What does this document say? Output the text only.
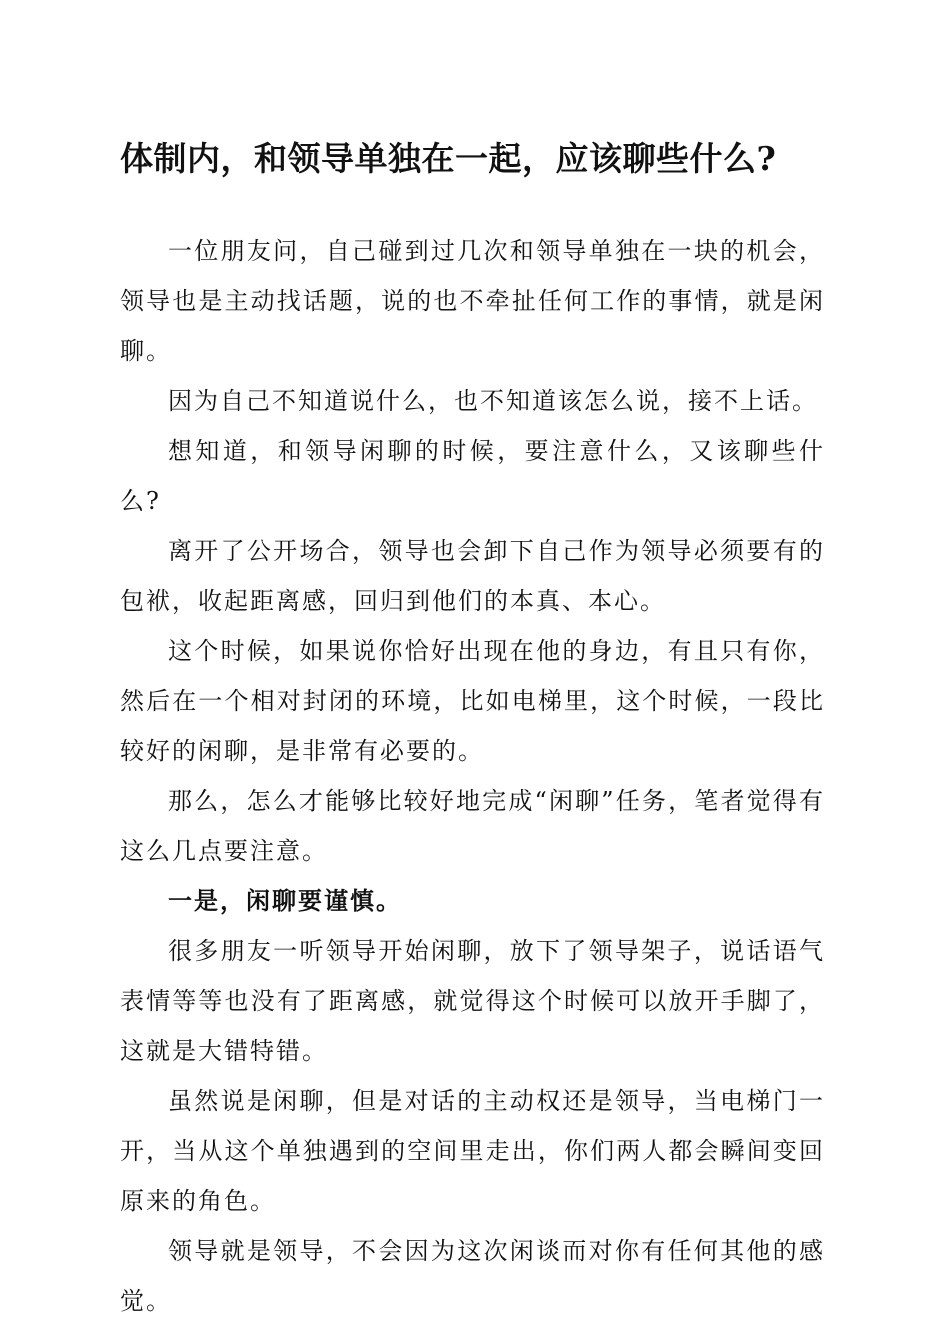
体制内，和领导单独在一起，应该聊些什么?

一位朋友问，自己碰到过几次和领导单独在一块的机会，领导也是主动找话题，说的也不牵扯任何工作的事情，就是闲聊。

因为自己不知道说什么，也不知道该怎么说，接不上话。

想知道，和领导闲聊的时候，要注意什么，又该聊些什么?

离开了公开场合，领导也会卸下自己作为领导必须要有的包袱，收起距离感，回归到他们的本真、本心。

这个时候，如果说你恰好出现在他的身边，有且只有你，然后在一个相对封闭的环境，比如电梯里，这个时候，一段比较好的闲聊，是非常有必要的。

那么，怎么才能够比较好地完成“闲聊”任务，笔者觉得有这么几点要注意。

一是，闲聊要谨慎。

很多朋友一听领导开始闲聊，放下了领导架子，说话语气表情等等也没有了距离感，就觉得这个时候可以放开手脚了，这就是大错特错。

虽然说是闲聊，但是对话的主动权还是领导，当电梯门一开，当从这个单独遇到的空间里走出，你们两人都会瞬间变回原来的角色。

领导就是领导，不会因为这次闲谈而对你有任何其他的感觉。
